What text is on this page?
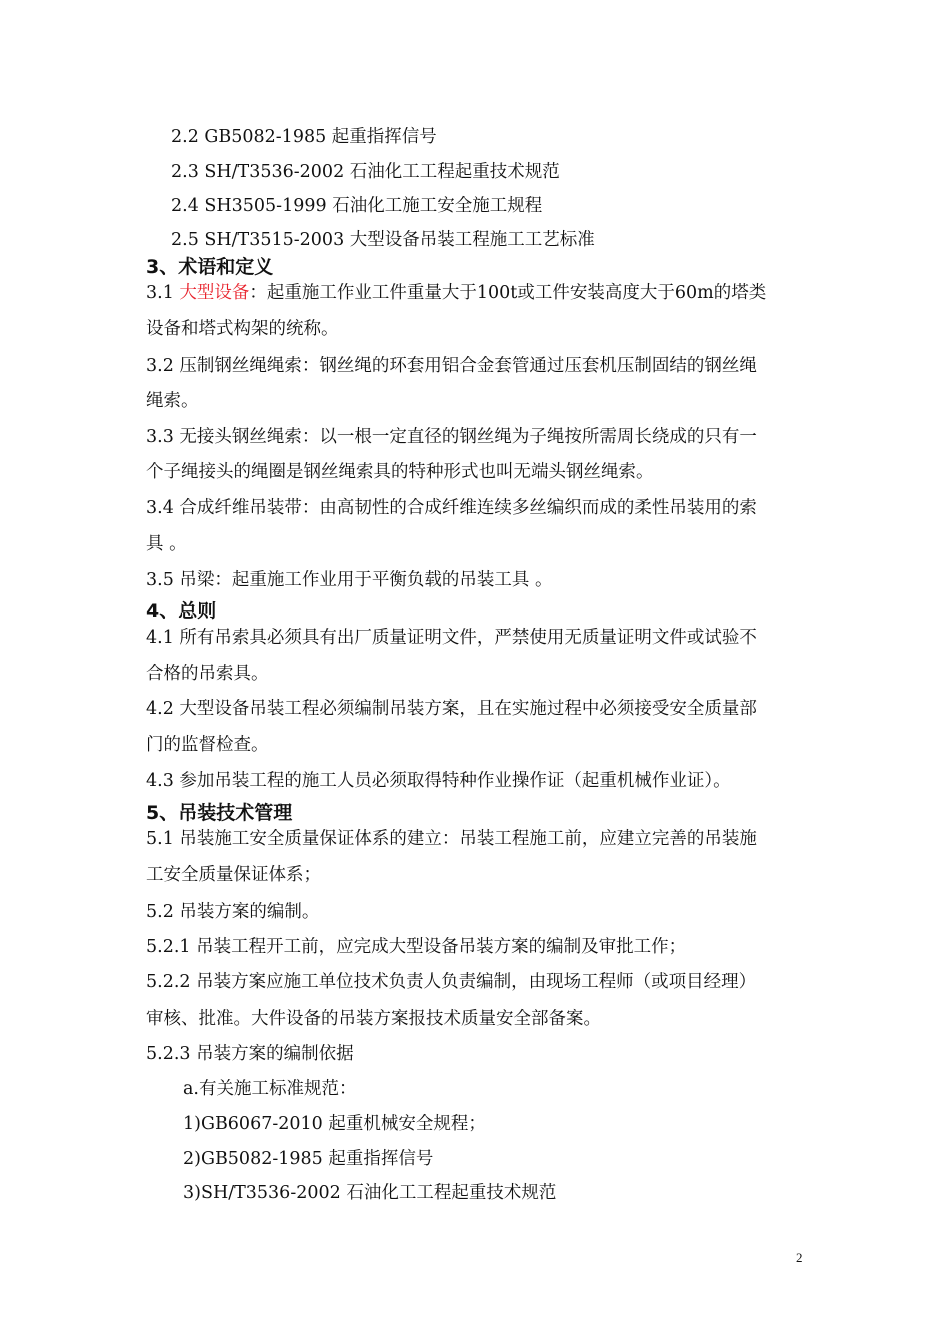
2.2 GB5082-1985 起重指挥信号
2.3 SH/T3536-2002 石油化工工程起重技术规范
2.4 SH3505-1999 石油化工施工安全施工规程
2.5 SH/T3515-2003 大型设备吊装工程施工工艺标准
3、术语和定义
3.1 大型设备：起重施工作业工件重量大于100t或工件安装高度大于60m的塔类
设备和塔式构架的统称。
3.2 压制钢丝绳绳索：钢丝绳的环套用铝合金套管通过压套机压制固结的钢丝绳
绳索。
3.3 无接头钢丝绳索：以一根一定直径的钢丝绳为子绳按所需周长绕成的只有一
个子绳接头的绳圈是钢丝绳索具的特种形式也叫无端头钢丝绳索。
3.4 合成纤维吊装带：由高韧性的合成纤维连续多丝编织而成的柔性吊装用的索
具 。
3.5 吊梁：起重施工作业用于平衡负载的吊装工具 。
4、总则
4.1 所有吊索具必须具有出厂质量证明文件，严禁使用无质量证明文件或试验不
合格的吊索具。
4.2 大型设备吊装工程必须编制吊装方案，且在实施过程中必须接受安全质量部
门的监督检查。
4.3 参加吊装工程的施工人员必须取得特种作业操作证（起重机械作业证）。
5、吊装技术管理
5.1 吊装施工安全质量保证体系的建立：吊装工程施工前，应建立完善的吊装施
工安全质量保证体系；
5.2 吊装方案的编制。
5.2.1 吊装工程开工前，应完成大型设备吊装方案的编制及审批工作；
5.2.2 吊装方案应施工单位技术负责人负责编制，由现场工程师（或项目经理）
审核、批准。大件设备的吊装方案报技术质量安全部备案。
5.2.3 吊装方案的编制依据
a.有关施工标准规范：
1)GB6067-2010 起重机械安全规程；
2)GB5082-1985 起重指挥信号
3)SH/T3536-2002 石油化工工程起重技术规范
2
